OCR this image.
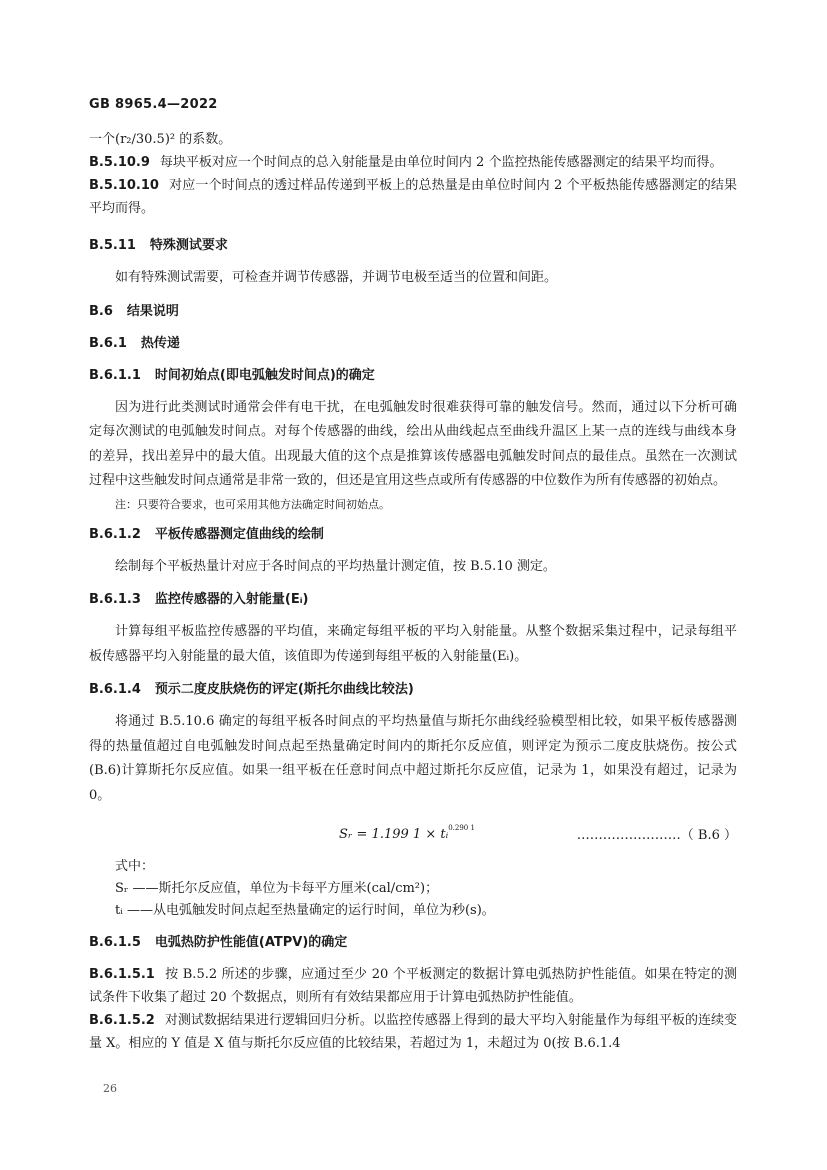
GB 8965.4—2022

一个(r₂/30.5)² 的系数。

B.5.10.9 每块平板对应一个时间点的总入射能量是由单位时间内 2 个监控热能传感器测定的结果平均而得。

B.5.10.10 对应一个时间点的透过样品传递到平板上的总热量是由单位时间内 2 个平板热能传感器测定的结果平均而得。

B.5.11 特殊测试要求

如有特殊测试需要，可检查并调节传感器，并调节电极至适当的位置和间距。

B.6 结果说明
B.6.1 热传递
B.6.1.1 时间初始点(即电弧触发时间点)的确定

因为进行此类测试时通常会伴有电干扰，在电弧触发时很难获得可靠的触发信号。然而，通过以下分析可确定每次测试的电弧触发时间点。对每个传感器的曲线，绘出从曲线起点至曲线升温区上某一点的连线与曲线本身的差异，找出差异中的最大值。出现最大值的这个点是推算该传感器电弧触发时间点的最佳点。虽然在一次测试过程中这些触发时间点通常是非常一致的，但还是宜用这些点或所有传感器的中位数作为所有传感器的初始点。

注：只要符合要求，也可采用其他方法确定时间初始点。

B.6.1.2 平板传感器测定值曲线的绘制

绘制每个平板热量计对应于各时间点的平均热量计测定值，按 B.5.10 测定。

B.6.1.3 监控传感器的入射能量(Eᵢ)

计算每组平板监控传感器的平均值，来确定每组平板的平均入射能量。从整个数据采集过程中，记录每组平板传感器平均入射能量的最大值，该值即为传递到每组平板的入射能量(Eᵢ)。

B.6.1.4 预示二度皮肤烧伤的评定(斯托尔曲线比较法)

将通过 B.5.10.6 确定的每组平板各时间点的平均热量值与斯托尔曲线经验模型相比较，如果平板传感器测得的热量值超过自电弧触发时间点起至热量确定时间内的斯托尔反应值，则评定为预示二度皮肤烧伤。按公式(B.6)计算斯托尔反应值。如果一组平板在任意时间点中超过斯托尔反应值，记录为 1，如果没有超过，记录为 0。

Sᵣ = 1.199 1 × tᵢ$^{0.290 1}$	……………………（ B.6 ）

式中：

Sᵣ ——斯托尔反应值，单位为卡每平方厘米(cal/cm²)；

tᵢ ——从电弧触发时间点起至热量确定的运行时间，单位为秒(s)。

B.6.1.5 电弧热防护性能值(ATPV)的确定

B.6.1.5.1 按 B.5.2 所述的步骤，应通过至少 20 个平板测定的数据计算电弧热防护性能值。如果在特定的测试条件下收集了超过 20 个数据点，则所有有效结果都应用于计算电弧热防护性能值。

B.6.1.5.2 对测试数据结果进行逻辑回归分析。以监控传感器上得到的最大平均入射能量作为每组平板的连续变量 X。相应的 Y 值是 X 值与斯托尔反应值的比较结果，若超过为 1，未超过为 0(按 B.6.1.4

26
